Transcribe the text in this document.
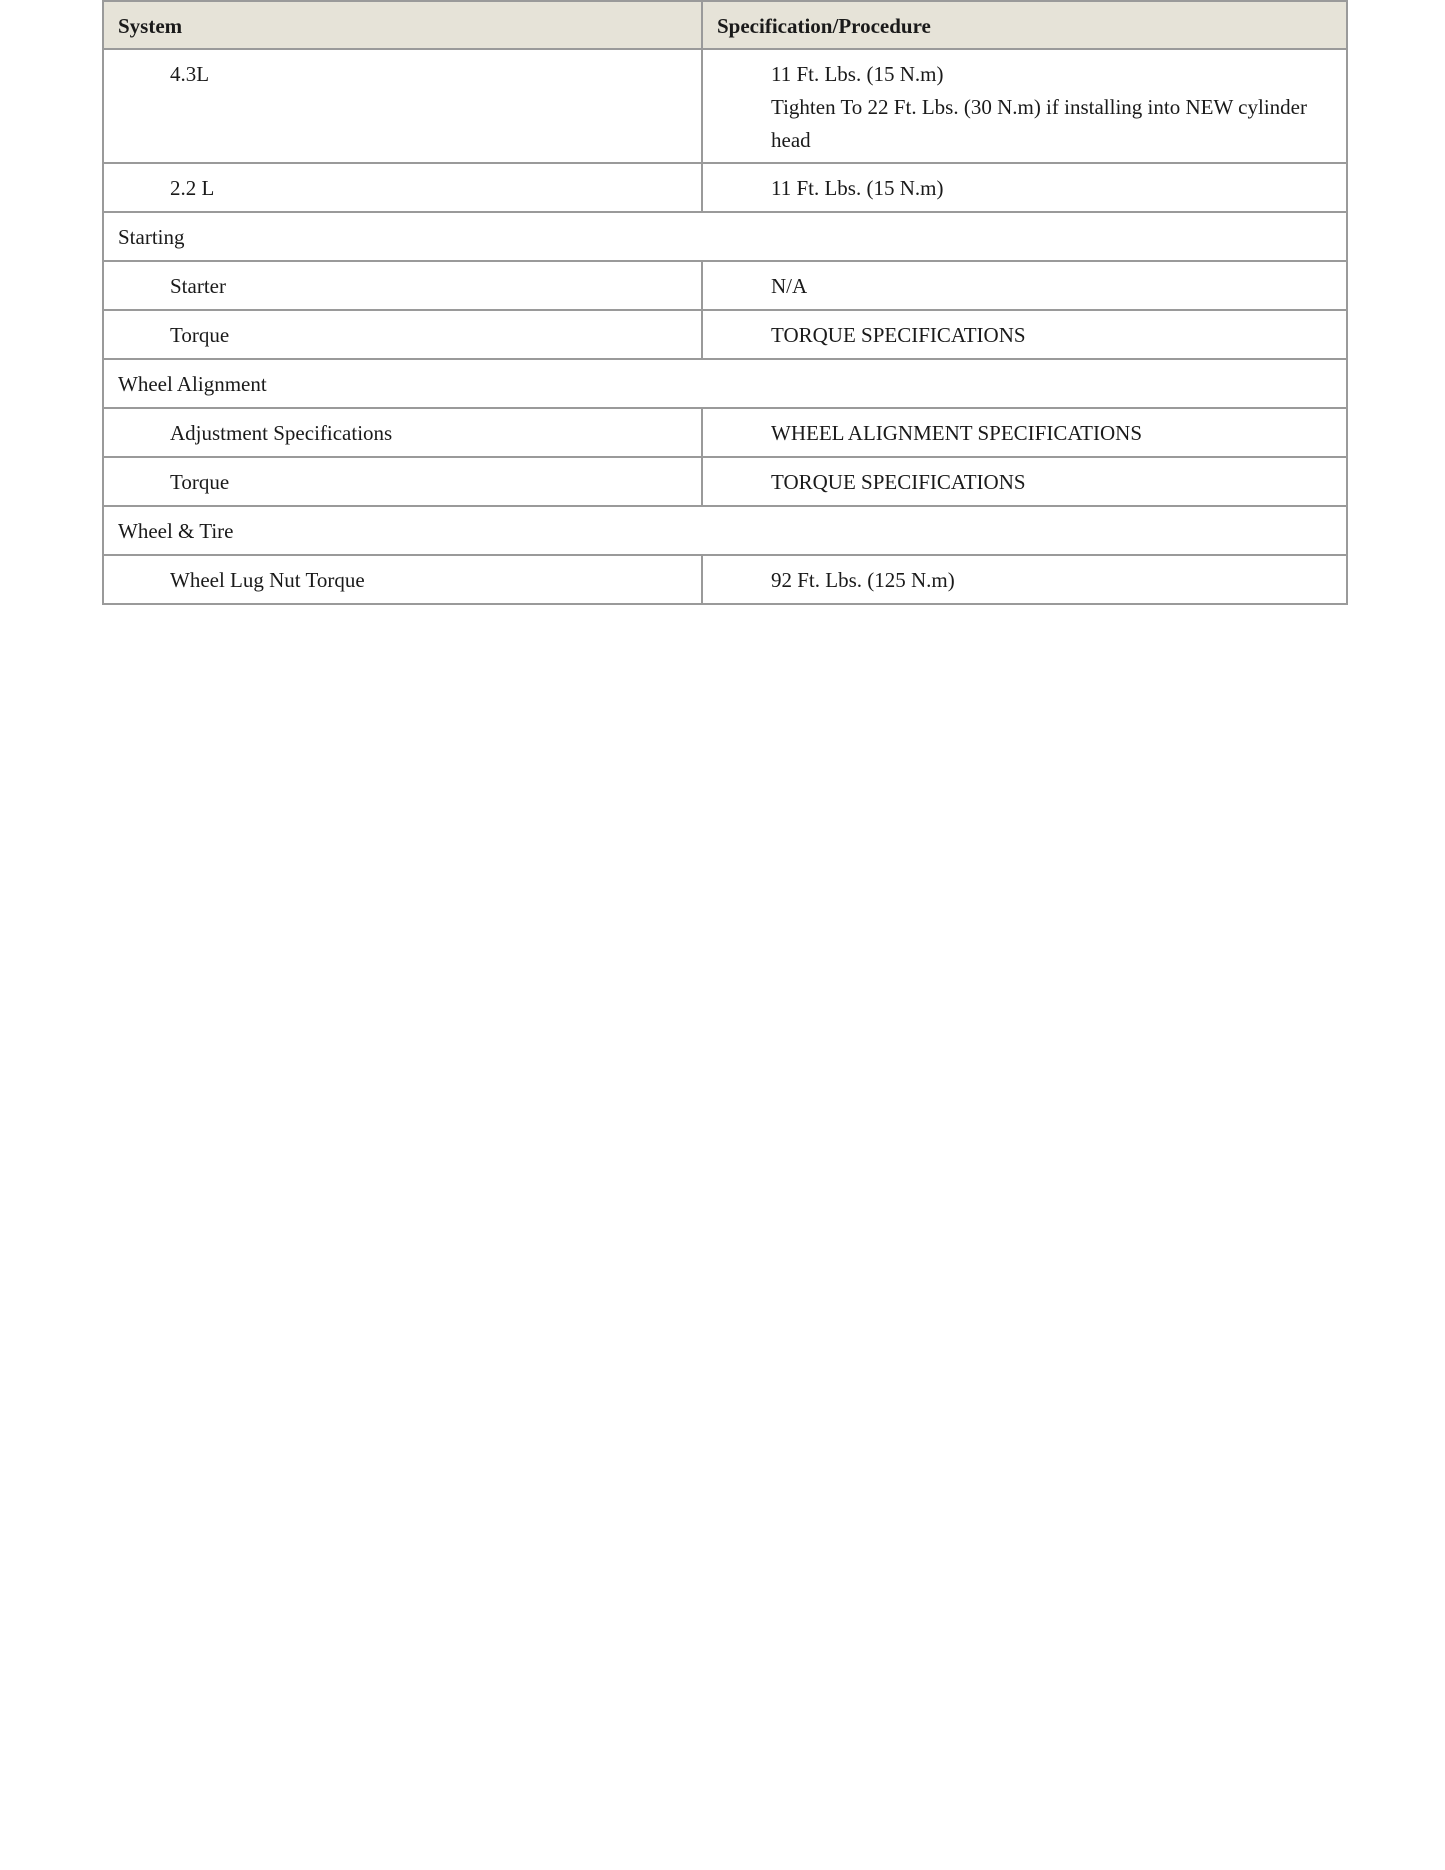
System	Specification/Procedure
4.3L	11 Ft. Lbs. (15 N.m)
Tighten To 22 Ft. Lbs. (30 N.m) if installing into NEW cylinder head

2.2 L	11 Ft. Lbs. (15 N.m)
Starting	
Starter	N/A
Torque	TORQUE SPECIFICATIONS
Wheel Alignment	
Adjustment Specifications	WHEEL ALIGNMENT SPECIFICATIONS
Torque	TORQUE SPECIFICATIONS
Wheel & Tire	
Wheel Lug Nut Torque	92 Ft. Lbs. (125 N.m)
